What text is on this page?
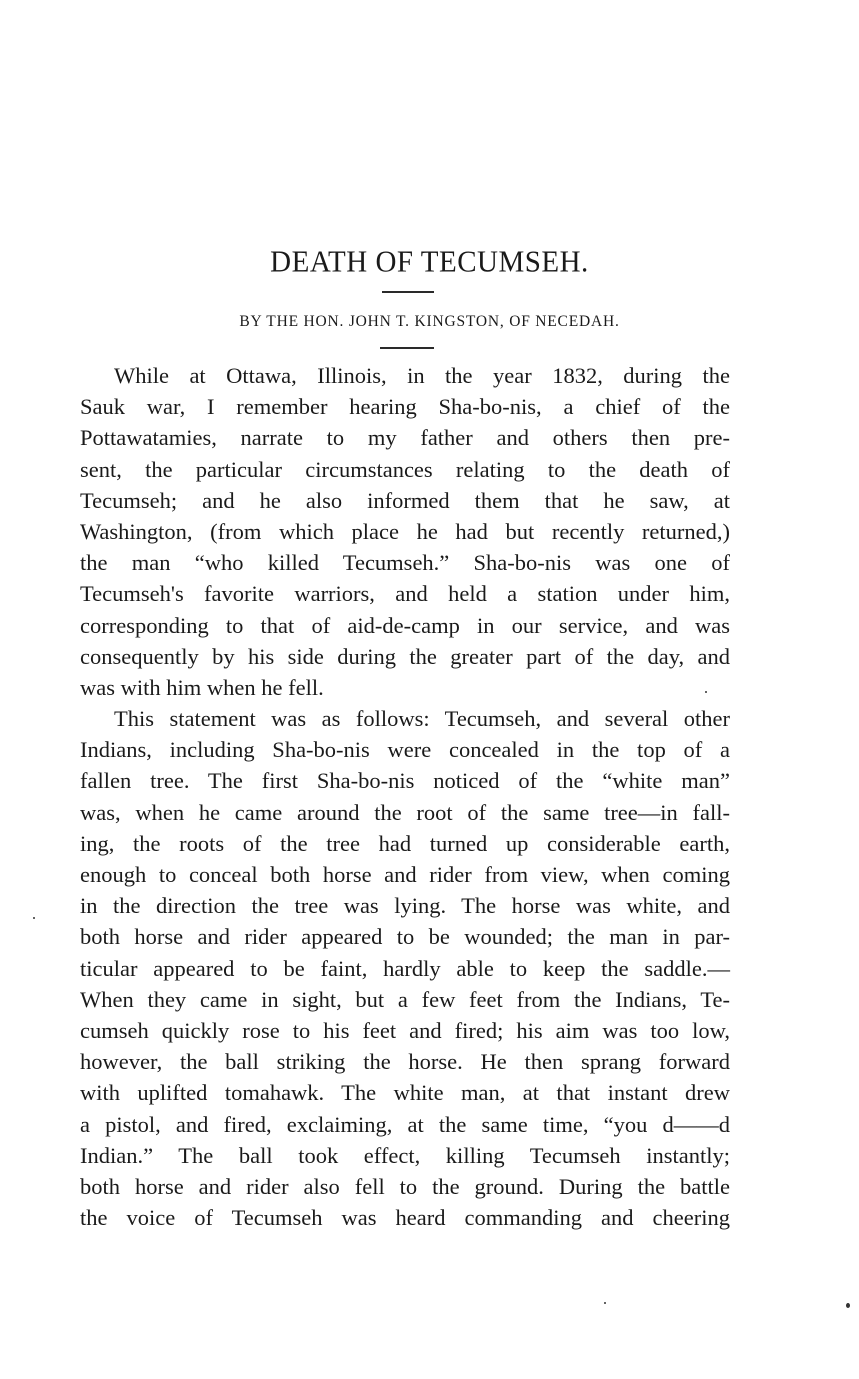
DEATH OF TECUMSEH.
BY THE HON. JOHN T. KINGSTON, OF NECEDAH.
While at Ottawa, Illinois, in the year 1832, during the
Sauk war, I remember hearing Sha-bo-nis, a chief of the
Pottawatamies, narrate to my father and others then pre-
sent, the particular circumstances relating to the death of
Tecumseh; and he also informed them that he saw, at
Washington, (from which place he had but recently returned,)
the man “who killed Tecumseh.” Sha-bo-nis was one of
Tecumseh's favorite warriors, and held a station under him,
corresponding to that of aid-de-camp in our service, and was
consequently by his side during the greater part of the day, and
was with him when he fell.
This statement was as follows: Tecumseh, and several other
Indians, including Sha-bo-nis were concealed in the top of a
fallen tree. The first Sha-bo-nis noticed of the “white man”
was, when he came around the root of the same tree—in fall-
ing, the roots of the tree had turned up considerable earth,
enough to conceal both horse and rider from view, when coming
in the direction the tree was lying. The horse was white, and
both horse and rider appeared to be wounded; the man in par-
ticular appeared to be faint, hardly able to keep the saddle.—
When they came in sight, but a few feet from the Indians, Te-
cumseh quickly rose to his feet and fired; his aim was too low,
however, the ball striking the horse. He then sprang forward
with uplifted tomahawk. The white man, at that instant drew
a pistol, and fired, exclaiming, at the same time, “you d——d
Indian.” The ball took effect, killing Tecumseh instantly;
both horse and rider also fell to the ground. During the battle
the voice of Tecumseh was heard commanding and cheering
